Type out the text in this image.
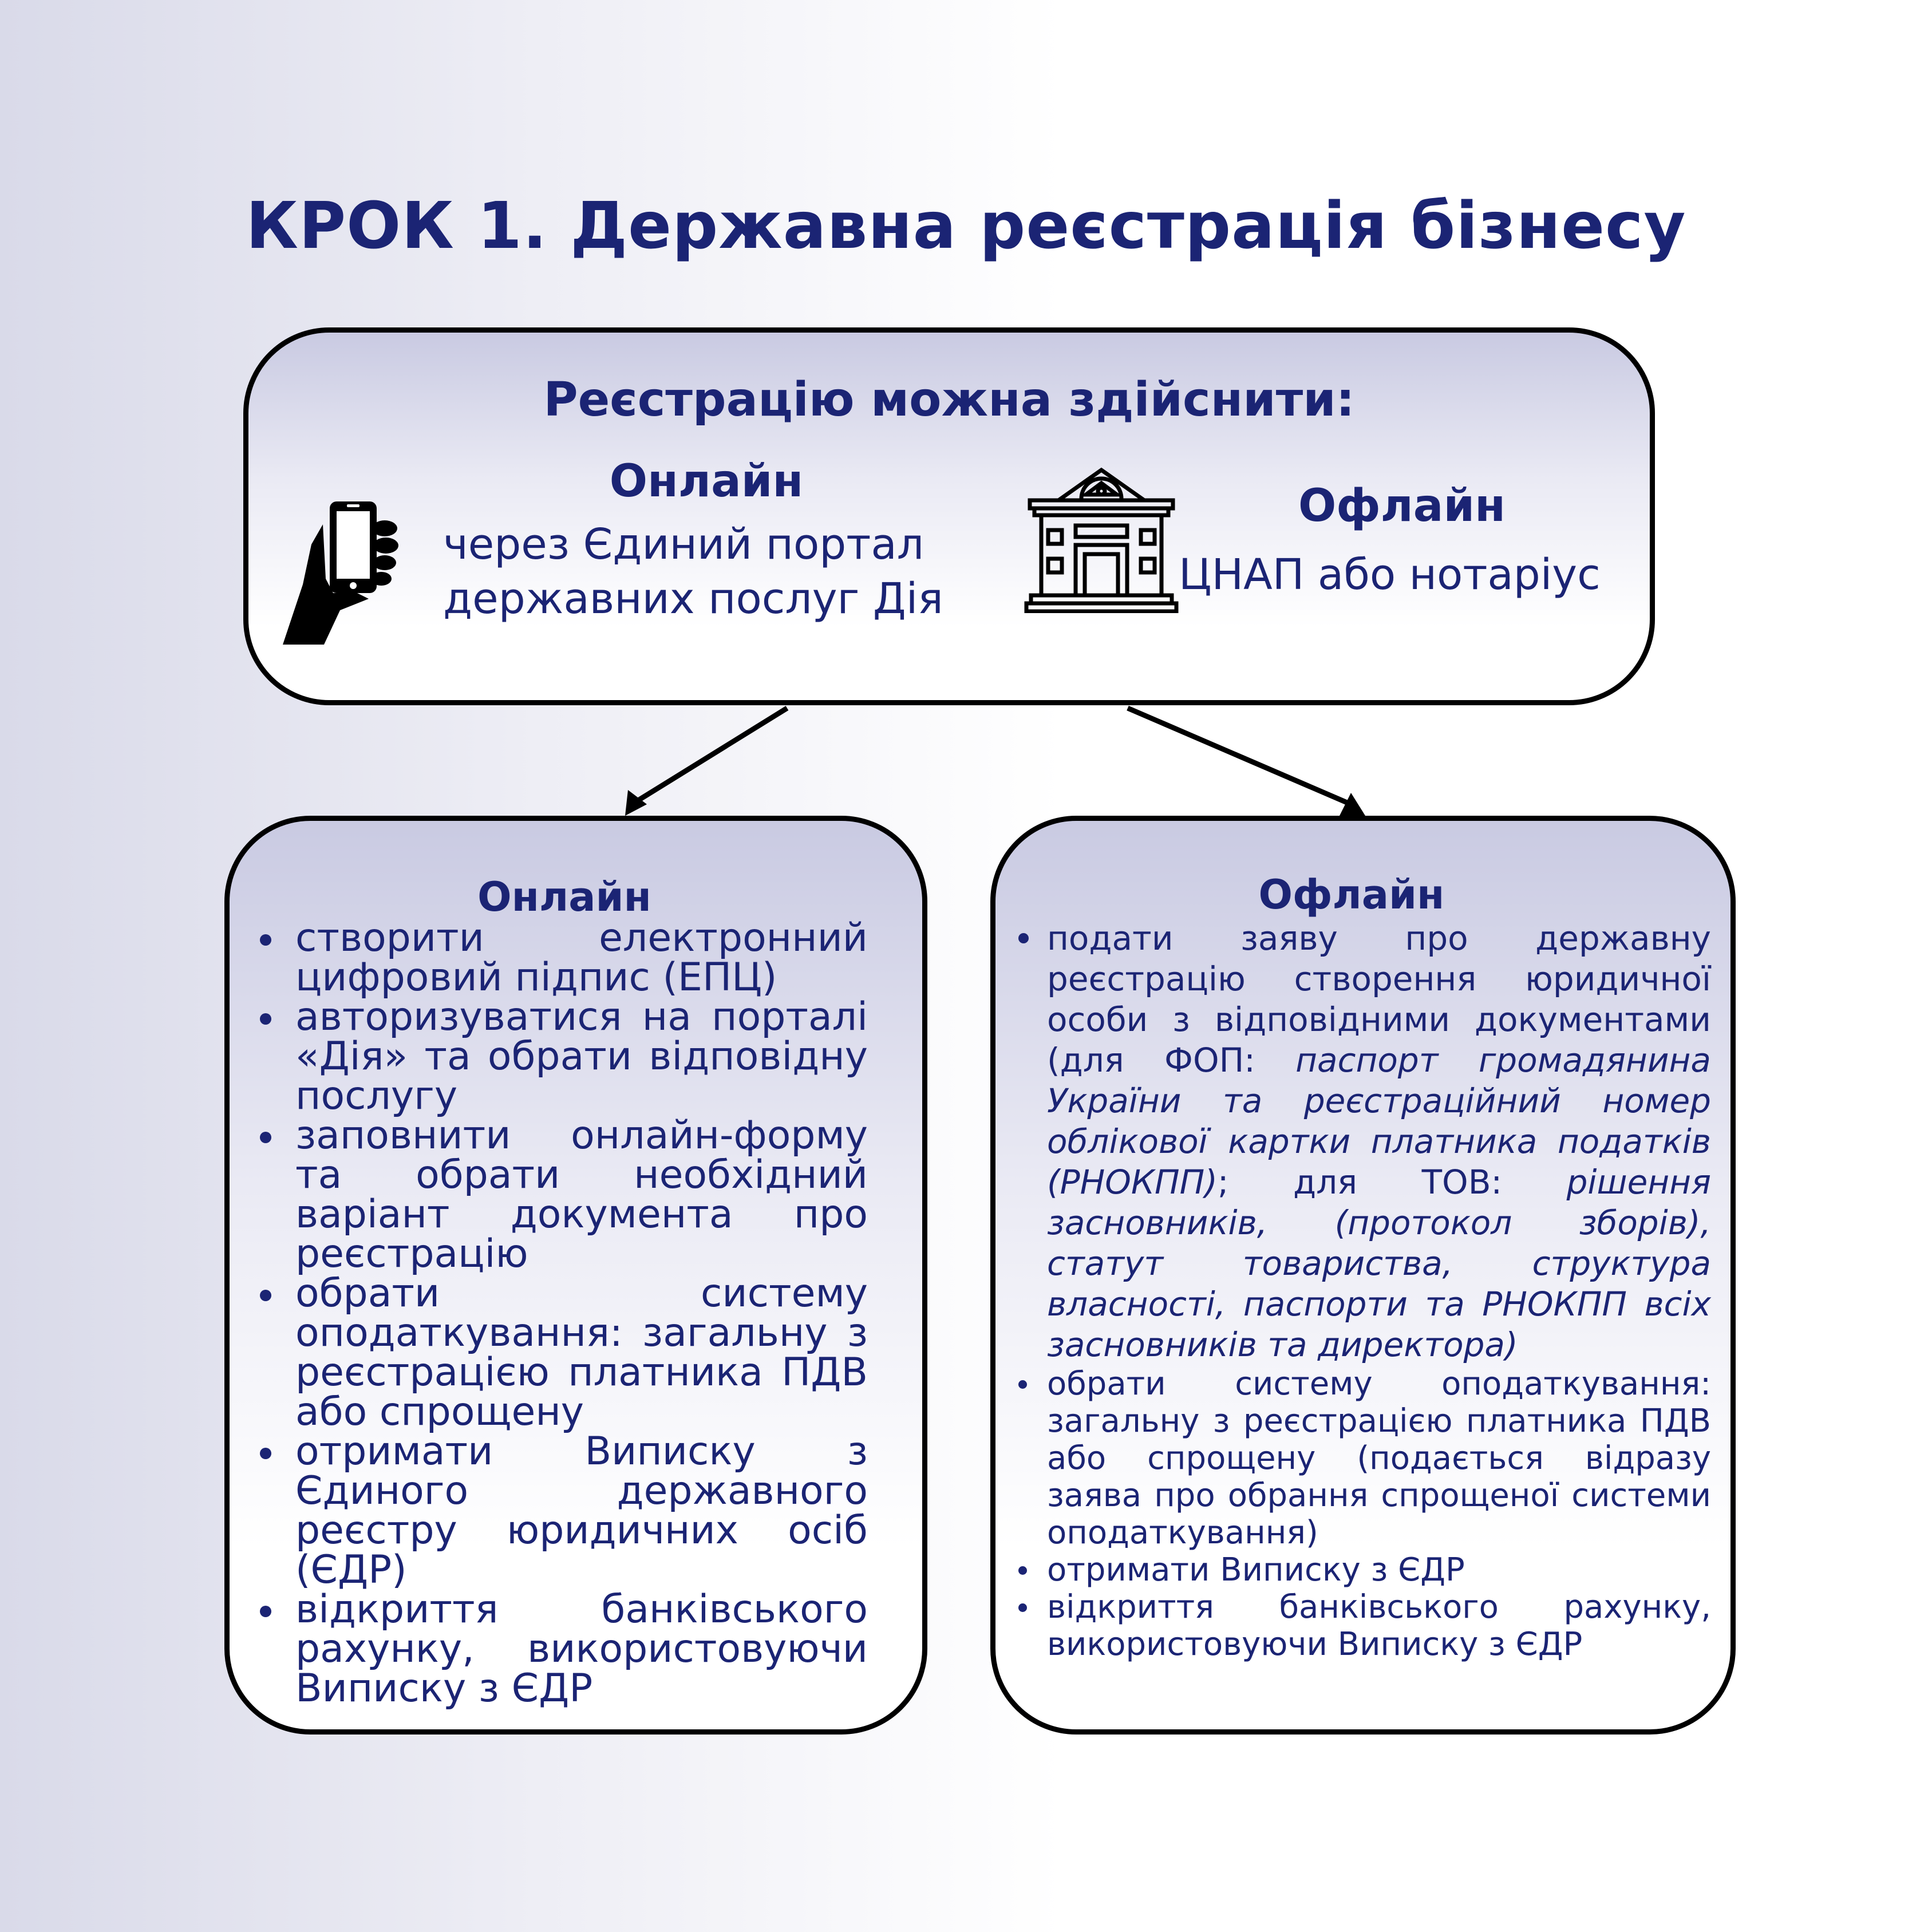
КРОК 1. Державна реєстрація бізнесу
Реєстрацію можна здійснити:
Онлайн
через Єдиний портал
державних послуг Дія
Офлайн
ЦНАП або нотаріус
Онлайн
створити електронний цифровий підпис (ЕПЦ)
авторизуватися на порталі «Дія» та обрати відповідну послугу
заповнити онлайн-форму та обрати необхідний варіант документа про реєстрацію
обрати систему оподаткування: загальну з реєстрацією платника ПДВ або спрощену
отримати Виписку з Єдиного державного реєстру юридичних осіб (ЄДР)
відкриття банківського рахунку, використовуючи Виписку з ЄДР
Офлайн
подати заяву про державну реєстрацію створення юридичної особи з відповідними документами (для ФОП: паспорт громадянина України та реєстраційний номер облікової картки платника податків (РНОКПП); для ТОВ: рішення засновників, (протокол зборів), статут товариства, структура власності, паспорти та РНОКПП всіх засновників та директора)
обрати систему оподаткування: загальну з реєстрацією платника ПДВ або спрощену (подається відразу заява про обрання спрощеної системи оподаткування)
отримати Виписку з ЄДР
відкриття банківського рахунку, використовуючи Виписку з ЄДР
